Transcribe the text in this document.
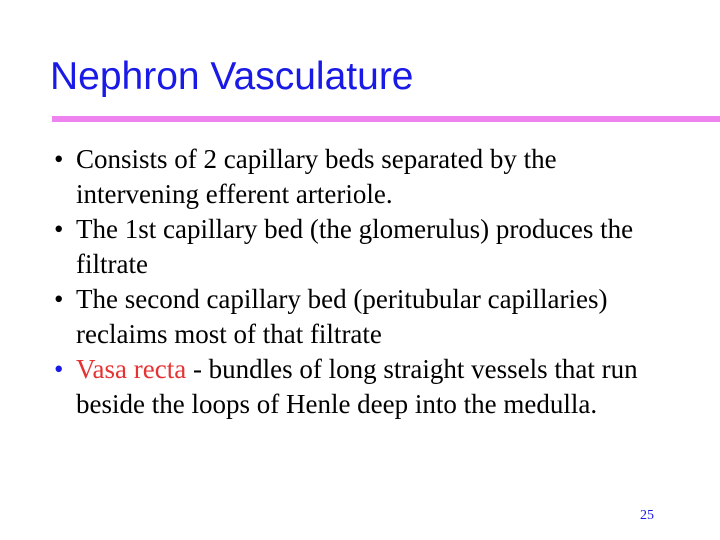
Nephron Vasculature
• Consists of 2 capillary beds separated by the intervening efferent arteriole.
• The 1st capillary bed (the glomerulus) produces the filtrate
• The second capillary bed (peritubular capillaries) reclaims most of that filtrate
• Vasa recta - bundles of long straight vessels that run beside the loops of Henle deep into the medulla.
25
